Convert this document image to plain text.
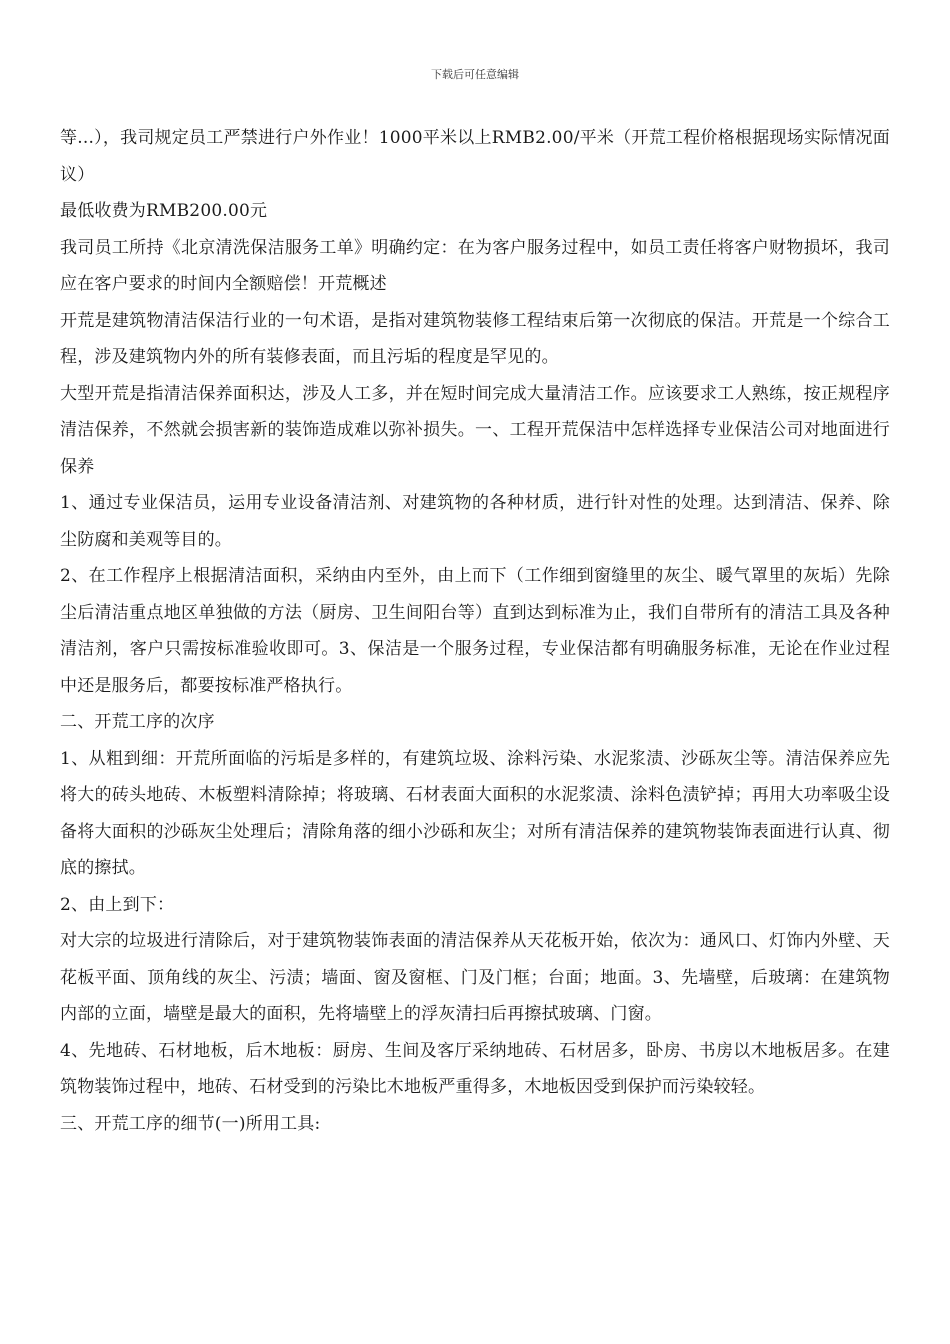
下载后可任意编辑

等...），我司规定员工严禁进行户外作业！1000平米以上RMB2.00/平米（开荒工程价格根据现场实际情况面议）

最低收费为RMB200.00元

我司员工所持《北京清洗保洁服务工单》明确约定：在为客户服务过程中，如员工责任将客户财物损坏，我司应在客户要求的时间内全额赔偿！开荒概述

开荒是建筑物清洁保洁行业的一句术语，是指对建筑物装修工程结束后第一次彻底的保洁。开荒是一个综合工程，涉及建筑物内外的所有装修表面，而且污垢的程度是罕见的。

大型开荒是指清洁保养面积达，涉及人工多，并在短时间完成大量清洁工作。应该要求工人熟练，按正规程序清洁保养，不然就会损害新的装饰造成难以弥补损失。一、工程开荒保洁中怎样选择专业保洁公司对地面进行保养

1、通过专业保洁员，运用专业设备清洁剂、对建筑物的各种材质，进行针对性的处理。达到清洁、保养、除尘防腐和美观等目的。

2、在工作程序上根据清洁面积，采纳由内至外，由上而下（工作细到窗缝里的灰尘、暖气罩里的灰垢）先除尘后清洁重点地区单独做的方法（厨房、卫生间阳台等）直到达到标准为止，我们自带所有的清洁工具及各种清洁剂，客户只需按标准验收即可。3、保洁是一个服务过程，专业保洁都有明确服务标准，无论在作业过程中还是服务后，都要按标准严格执行。

二、开荒工序的次序

1、从粗到细：开荒所面临的污垢是多样的，有建筑垃圾、涂料污染、水泥浆渍、沙砾灰尘等。清洁保养应先将大的砖头地砖、木板塑料清除掉；将玻璃、石材表面大面积的水泥浆渍、涂料色渍铲掉；再用大功率吸尘设备将大面积的沙砾灰尘处理后；清除角落的细小沙砾和灰尘；对所有清洁保养的建筑物装饰表面进行认真、彻底的擦拭。

2、由上到下：

对大宗的垃圾进行清除后，对于建筑物装饰表面的清洁保养从天花板开始，依次为：通风口、灯饰内外壁、天花板平面、顶角线的灰尘、污渍；墙面、窗及窗框、门及门框；台面；地面。3、先墙壁，后玻璃：在建筑物内部的立面，墙壁是最大的面积，先将墙壁上的浮灰清扫后再擦拭玻璃、门窗。

4、先地砖、石材地板，后木地板：厨房、生间及客厅采纳地砖、石材居多，卧房、书房以木地板居多。在建筑物装饰过程中，地砖、石材受到的污染比木地板严重得多，木地板因受到保护而污染较轻。

三、开荒工序的细节(一)所用工具:
